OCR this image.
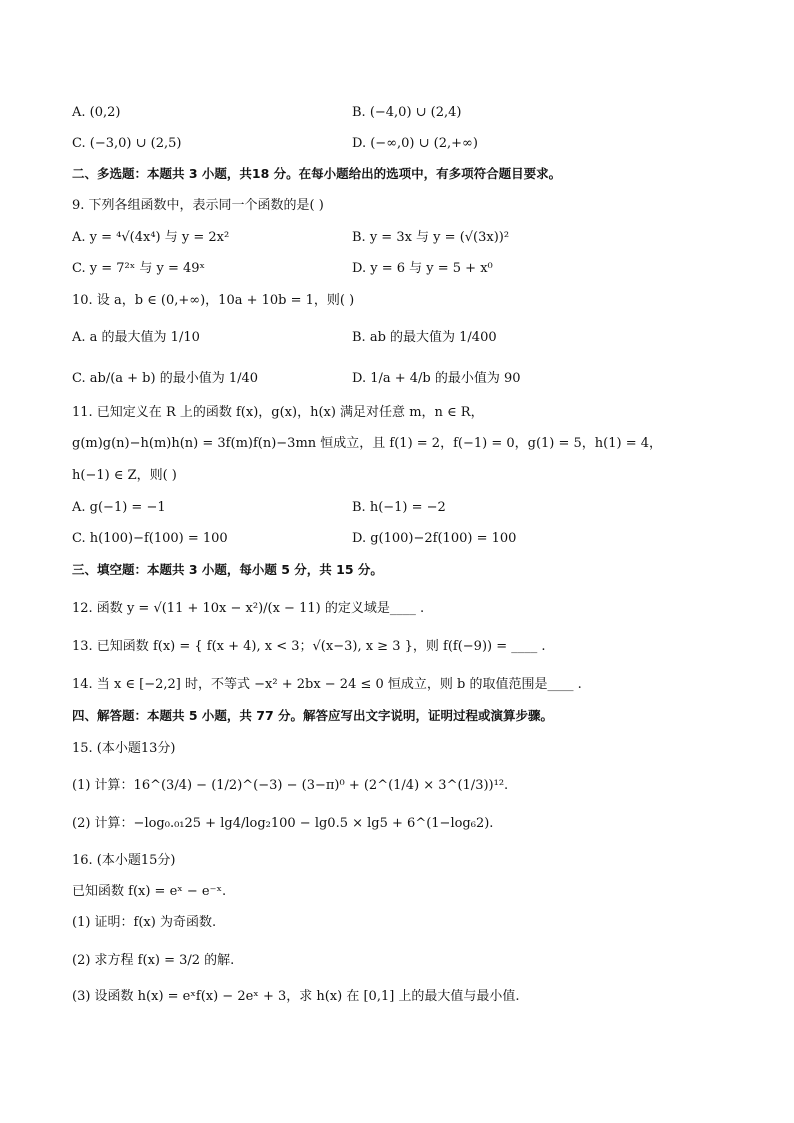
A. (0,2)	B. (−4,0) ∪ (2,4)
C. (−3,0) ∪ (2,5)	D. (−∞,0) ∪ (2,+∞)
二、多选题：本题共 3 小题，共18 分。在每小题给出的选项中，有多项符合题目要求。
9. 下列各组函数中，表示同一个函数的是( )
A. y = ⁴√(4x⁴) 与 y = 2x²	B. y = 3x 与 y = (√(3x))²
C. y = 7²ˣ 与 y = 49ˣ	D. y = 6 与 y = 5 + x⁰
10. 设 a，b ∈ (0,+∞)，10a + 10b = 1，则( )
A. a 的最大值为 1/10	B. ab 的最大值为 1/400
C. ab/(a + b) 的最小值为 1/40	D. 1/a + 4/b 的最小值为 90
11. 已知定义在 R 上的函数 f(x)，g(x)，h(x) 满足对任意 m，n ∈ R，
g(m)g(n)−h(m)h(n) = 3f(m)f(n)−3mn 恒成立，且 f(1) = 2，f(−1) = 0，g(1) = 5，h(1) = 4，
h(−1) ∈ Z，则( )
A. g(−1) = −1	B. h(−1) = −2
C. h(100)−f(100) = 100	D. g(100)−2f(100) = 100
三、填空题：本题共 3 小题，每小题 5 分，共 15 分。
12. 函数 y = √(11 + 10x − x²)/(x − 11) 的定义域是____ .
13. 已知函数 f(x) = { f(x + 4), x < 3；√(x−3), x ≥ 3 }，则 f(f(−9)) = ____ .
14. 当 x ∈ [−2,2] 时，不等式 −x² + 2bx − 24 ≤ 0 恒成立，则 b 的取值范围是____ .
四、解答题：本题共 5 小题，共 77 分。解答应写出文字说明，证明过程或演算步骤。
15. (本小题13分)
(1) 计算：16^(3/4) − (1/2)^(−3) − (3−π)⁰ + (2^(1/4) × 3^(1/3))¹².
(2) 计算：−log₀.₀₁25 + lg4/log₂100 − lg0.5 × lg5 + 6^(1−log₆2).
16. (本小题15分)
已知函数 f(x) = eˣ − e⁻ˣ.
(1) 证明：f(x) 为奇函数.
(2) 求方程 f(x) = 3/2 的解.
(3) 设函数 h(x) = eˣf(x) − 2eˣ + 3，求 h(x) 在 [0,1] 上的最大值与最小值.
